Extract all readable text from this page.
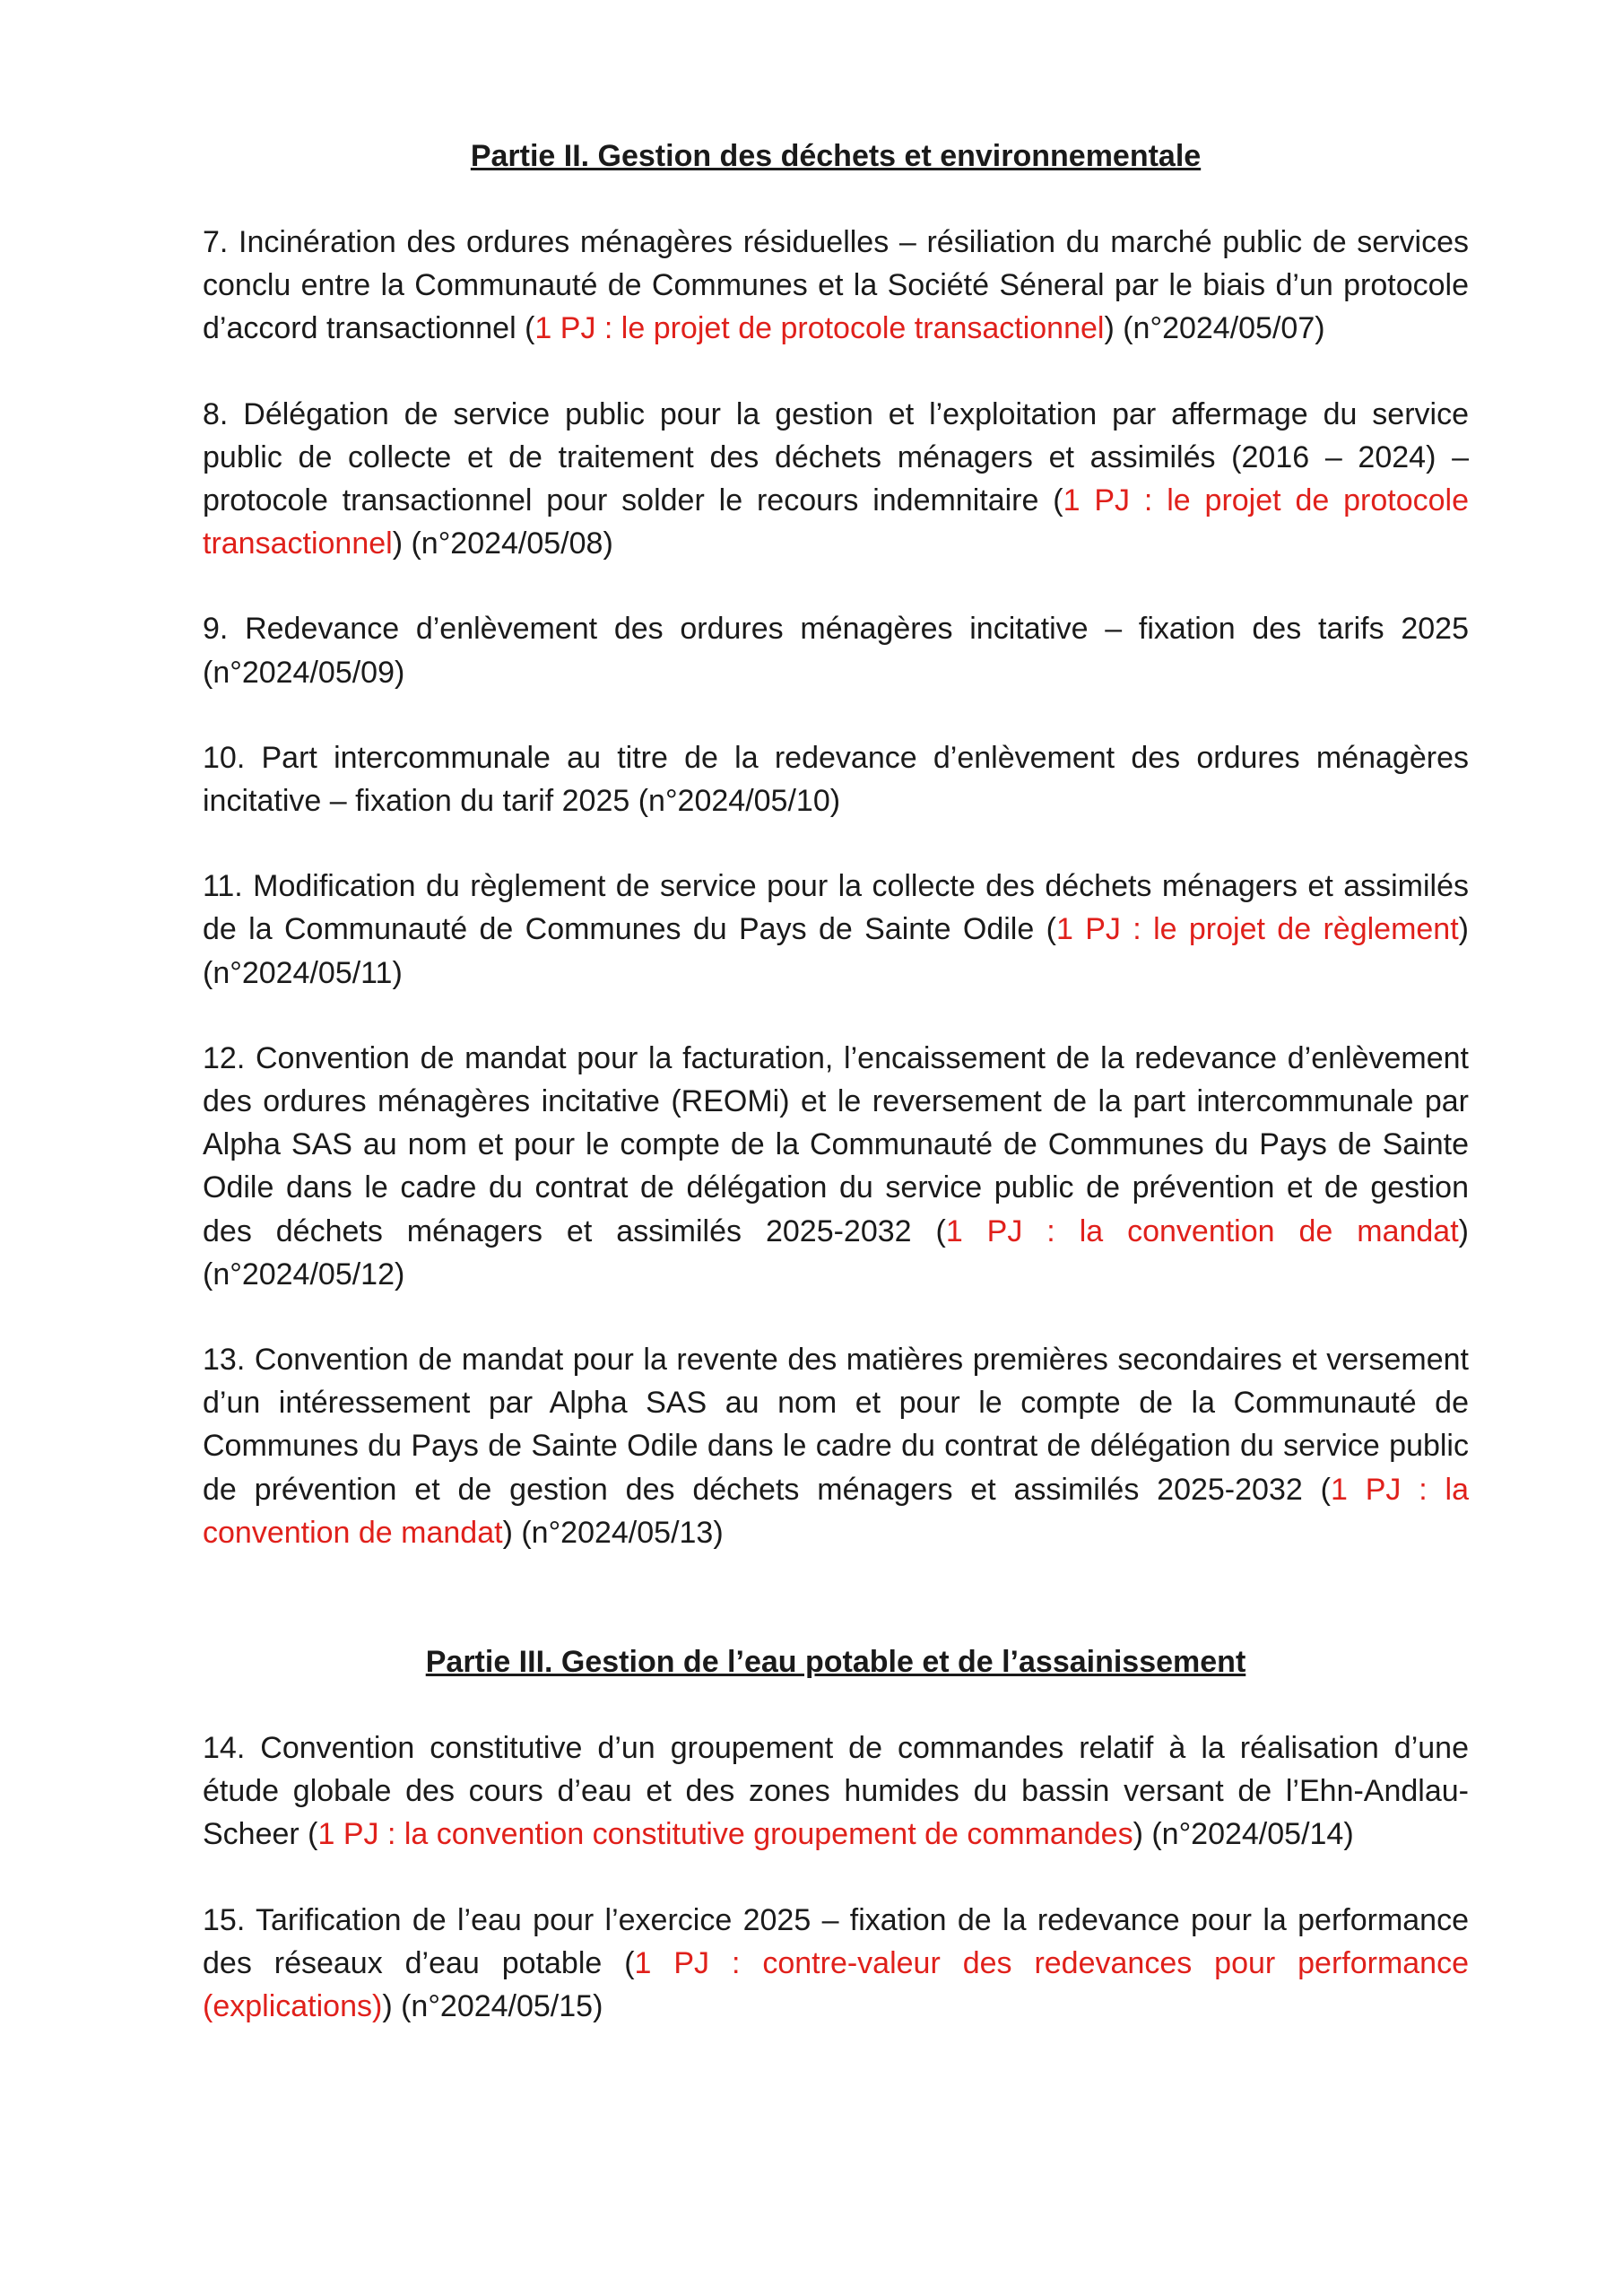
Partie II. Gestion des déchets et environnementale

7. Incinération des ordures ménagères résiduelles – résiliation du marché public de services conclu entre la Communauté de Communes et la Société Séneral par le biais d’un protocole d’accord transactionnel (1 PJ : le projet de protocole transactionnel) (n°2024/05/07)

8. Délégation de service public pour la gestion et l’exploitation par affermage du service public de collecte et de traitement des déchets ménagers et assimilés (2016 – 2024) – protocole transactionnel pour solder le recours indemnitaire (1 PJ : le projet de protocole transactionnel) (n°2024/05/08)

9. Redevance d’enlèvement des ordures ménagères incitative – fixation des tarifs 2025 (n°2024/05/09)

10. Part intercommunale au titre de la redevance d’enlèvement des ordures ménagères incitative – fixation du tarif 2025 (n°2024/05/10)

11. Modification du règlement de service pour la collecte des déchets ménagers et assimilés de la Communauté de Communes du Pays de Sainte Odile (1 PJ : le projet de règlement) (n°2024/05/11)

12. Convention de mandat pour la facturation, l’encaissement de la redevance d’enlèvement des ordures ménagères incitative (REOMi) et le reversement de la part intercommunale par Alpha SAS au nom et pour le compte de la Communauté de Communes du Pays de Sainte Odile dans le cadre du contrat de délégation du service public de prévention et de gestion des déchets ménagers et assimilés 2025-2032 (1 PJ : la convention de mandat) (n°2024/05/12)

13. Convention de mandat pour la revente des matières premières secondaires et versement d’un intéressement par Alpha SAS au nom et pour le compte de la Communauté de Communes du Pays de Sainte Odile dans le cadre du contrat de délégation du service public de prévention et de gestion des déchets ménagers et assimilés 2025-2032 (1 PJ : la convention de mandat) (n°2024/05/13)

Partie III. Gestion de l’eau potable et de l’assainissement

14. Convention constitutive d’un groupement de commandes relatif à la réalisation d’une étude globale des cours d’eau et des zones humides du bassin versant de l’Ehn-Andlau-Scheer (1 PJ : la convention constitutive groupement de commandes) (n°2024/05/14)

15. Tarification de l’eau pour l’exercice 2025 – fixation de la redevance pour la performance des réseaux d’eau potable (1 PJ : contre-valeur des redevances pour performance (explications)) (n°2024/05/15)
